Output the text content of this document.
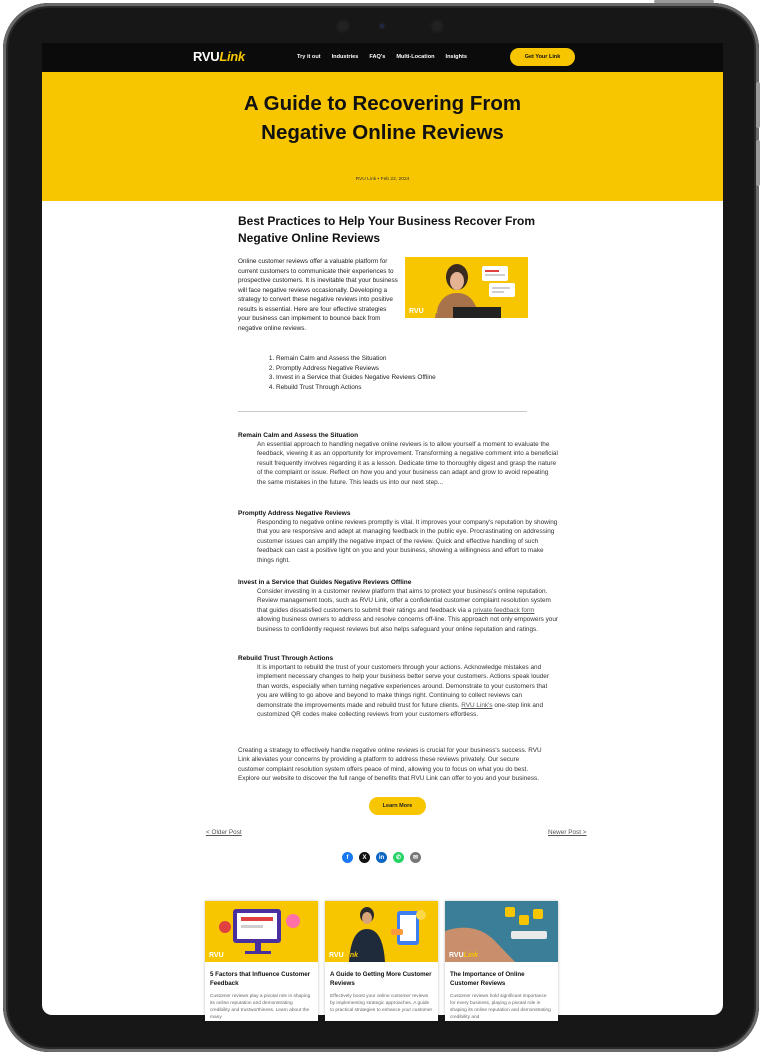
RVULink	Try it out Industries FAQ's Multi-Location Insights	Get Your Link
A Guide to Recovering From Negative Online Reviews
RVU Link • Feb 22, 2024
Best Practices to Help Your Business Recover From Negative Online Reviews
Online customer reviews offer a valuable platform for current customers to communicate their experiences to prospective customers. It is inevitable that your business will face negative reviews occasionally. Developing a strategy to convert these negative reviews into positive results is essential. Here are four effective strategies your business can implement to bounce back from negative online reviews.
RVULink
1. Remain Calm and Assess the Situation
2. Promptly Address Negative Reviews
3. Invest in a Service that Guides Negative Reviews Offline
4. Rebuild Trust Through Actions
Remain Calm and Assess the Situation

An essential approach to handling negative online reviews is to allow yourself a moment to evaluate the feedback, viewing it as an opportunity for improvement. Transforming a negative comment into a beneficial result frequently involves regarding it as a lesson. Dedicate time to thoroughly digest and grasp the nature of the complaint or issue. Reflect on how you and your business can adapt and grow to avoid repeating the same mistakes in the future. This leads us into our next step...

Promptly Address Negative Reviews

Responding to negative online reviews promptly is vital. It improves your company's reputation by showing that you are responsive and adept at managing feedback in the public eye. Procrastinating on addressing customer issues can amplify the negative impact of the review. Quick and effective handling of such feedback can cast a positive light on you and your business, showing a willingness and effort to make things right.

Invest in a Service that Guides Negative Reviews Offline

Consider investing in a customer review platform that aims to protect your business's online reputation. Review management tools, such as RVU Link, offer a confidential customer complaint resolution system that guides dissatisfied customers to submit their ratings and feedback via a private feedback form allowing business owners to address and resolve concerns off-line. This approach not only empowers your business to confidently request reviews but also helps safeguard your online reputation and ratings.

Rebuild Trust Through Actions

It is important to rebuild the trust of your customers through your actions. Acknowledge mistakes and implement necessary changes to help your business better serve your customers. Actions speak louder than words, especially when turning negative experiences around. Demonstrate to your customers that you are willing to go above and beyond to make things right. Continuing to collect reviews can demonstrate the improvements made and rebuild trust for future clients. RVU Link's one-step link and customized QR codes make collecting reviews from your customers effortless.

Creating a strategy to effectively handle negative online reviews is crucial for your business's success. RVU Link alleviates your concerns by providing a platform to address these reviews privately. Our secure customer complaint resolution system offers peace of mind, allowing you to focus on what you do best. Explore our website to discover the full range of benefits that RVU Link can offer to you and your business.

Learn More
< Older Post	Newer Post >
f	X	in	✆	✉
RVULink
5 Factors that Influence Customer Feedback
Customer reviews play a pivotal role in shaping its online reputation and demonstrating credibility and trustworthiness. Learn about the many
RVULink
A Guide to Getting More Customer Reviews
Effectively boost your online customer reviews by implementing strategic approaches. A guide to practical strategies to enhance your customer
RVULink
The Importance of Online Customer Reviews
Customer reviews hold significant importance for every business, playing a pivotal role in shaping its online reputation and demonstrating credibility and
